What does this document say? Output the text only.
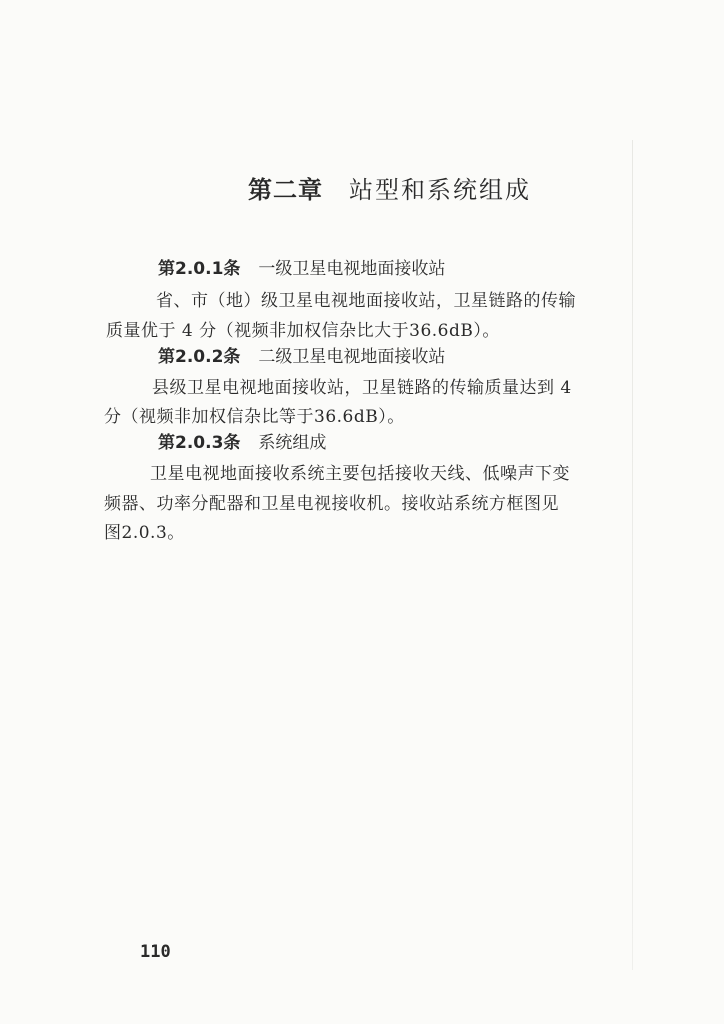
第二章 站型和系统组成
第2.0.1条 一级卫星电视地面接收站
省、市（地）级卫星电视地面接收站，卫星链路的传输
质量优于 4 分（视频非加权信杂比大于36.6dB）。
第2.0.2条 二级卫星电视地面接收站
县级卫星电视地面接收站，卫星链路的传输质量达到 4
分（视频非加权信杂比等于36.6dB）。
第2.0.3条 系统组成
卫星电视地面接收系统主要包括接收天线、低噪声下变
频器、功率分配器和卫星电视接收机。接收站系统方框图见
图2.0.3。
110
